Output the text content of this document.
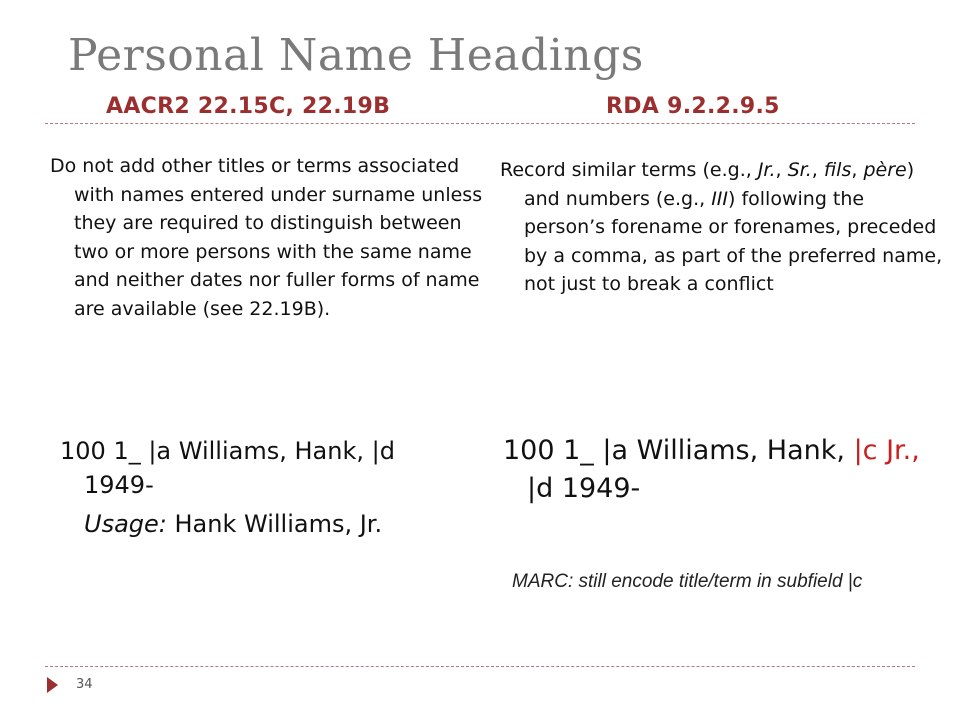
Personal Name Headings
AACR2 22.15C, 22.19B	RDA 9.2.2.9.5
Do not add other titles or terms associated with names entered under surname unless they are required to distinguish between two or more persons with the same name and neither dates nor fuller forms of name are available (see 22.19B).
Record similar terms (e.g., Jr., Sr., fils, père) and numbers (e.g., III) following the person’s forename or forenames, preceded by a comma, as part of the preferred name, not just to break a conflict
100 1_ |a Williams, Hank, |d 1949-
Usage: Hank Williams, Jr.
100 1_ |a Williams, Hank, |c Jr., |d 1949-
MARC: still encode title/term in subfield |c
34
